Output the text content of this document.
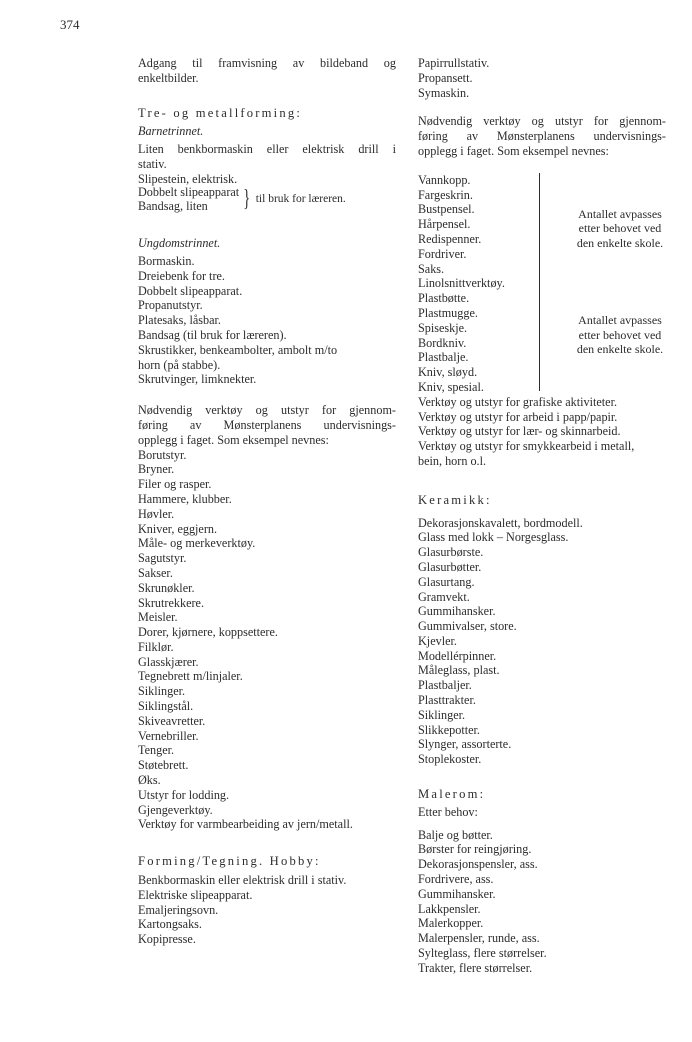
374
Adgang til framvisning av bildeband og
enkeltbilder.
Tre- og metallforming:
Barnetrinnet.
Liten benkbormaskin eller elektrisk drill i
stativ.
Slipestein, elektrisk.
Dobbelt slipeapparat
Bandsag, liten	} til bruk for læreren.
Ungdomstrinnet.
Bormaskin.
Dreiebenk for tre.
Dobbelt slipeapparat.
Propanutstyr.
Platesaks, låsbar.
Bandsag (til bruk for læreren).
Skrustikker, benkeambolter, ambolt m/to
horn (på stabbe).
Skrutvinger, limknekter.
Nødvendig verktøy og utstyr for gjennom-
føring av Mønsterplanens undervisnings-
opplegg i faget. Som eksempel nevnes:
Borutstyr.
Bryner.
Filer og rasper.
Hammere, klubber.
Høvler.
Kniver, eggjern.
Måle- og merkeverktøy.
Sagutstyr.
Sakser.
Skrunøkler.
Skrutrekkere.
Meisler.
Dorer, kjørnere, koppsettere.
Filklør.
Glasskjærer.
Tegnebrett m/linjaler.
Siklinger.
Siklingstål.
Skiveavretter.
Vernebriller.
Tenger.
Støtebrett.
Øks.
Utstyr for lodding.
Gjengeverktøy.
Verktøy for varmbearbeiding av jern/metall.
Forming/Tegning. Hobby:
Benkbormaskin eller elektrisk drill i stativ.
Elektriske slipeapparat.
Emaljeringsovn.
Kartongsaks.
Kopipresse.
Papirrullstativ.
Propansett.
Symaskin.
Nødvendig verktøy og utstyr for gjennom-
føring av Mønsterplanens undervisnings-
opplegg i faget. Som eksempel nevnes:
Vannkopp.
Fargeskrin.
Bustpensel.
Hårpensel.
Redispenner.
Fordriver.
Saks.
Linolsnittverktøy.
Antallet avpasses
etter behovet ved
den enkelte skole.
Plastbøtte.
Plastmugge.
Spiseskje.
Bordkniv.
Plastbalje.
Kniv, sløyd.
Kniv, spesial.
Antallet avpasses
etter behovet ved
den enkelte skole.
Verktøy og utstyr for grafiske aktiviteter.
Verktøy og utstyr for arbeid i papp/papir.
Verktøy og utstyr for lær- og skinnarbeid.
Verktøy og utstyr for smykkearbeid i metall,
bein, horn o.l.
Keramikk:
Dekorasjonskavalett, bordmodell.
Glass med lokk – Norgesglass.
Glasurbørste.
Glasurbøtter.
Glasurtang.
Gramvekt.
Gummihansker.
Gummivalser, store.
Kjevler.
Modellérpinner.
Måleglass, plast.
Plastbaljer.
Plasttrakter.
Siklinger.
Slikkepotter.
Slynger, assorterte.
Stoplekoster.
Malerom:
Etter behov:
Balje og bøtter.
Børster for reingjøring.
Dekorasjonspensler, ass.
Fordrivere, ass.
Gummihansker.
Lakkpensler.
Malerkopper.
Malerpensler, runde, ass.
Sylteglass, flere størrelser.
Trakter, flere størrelser.
